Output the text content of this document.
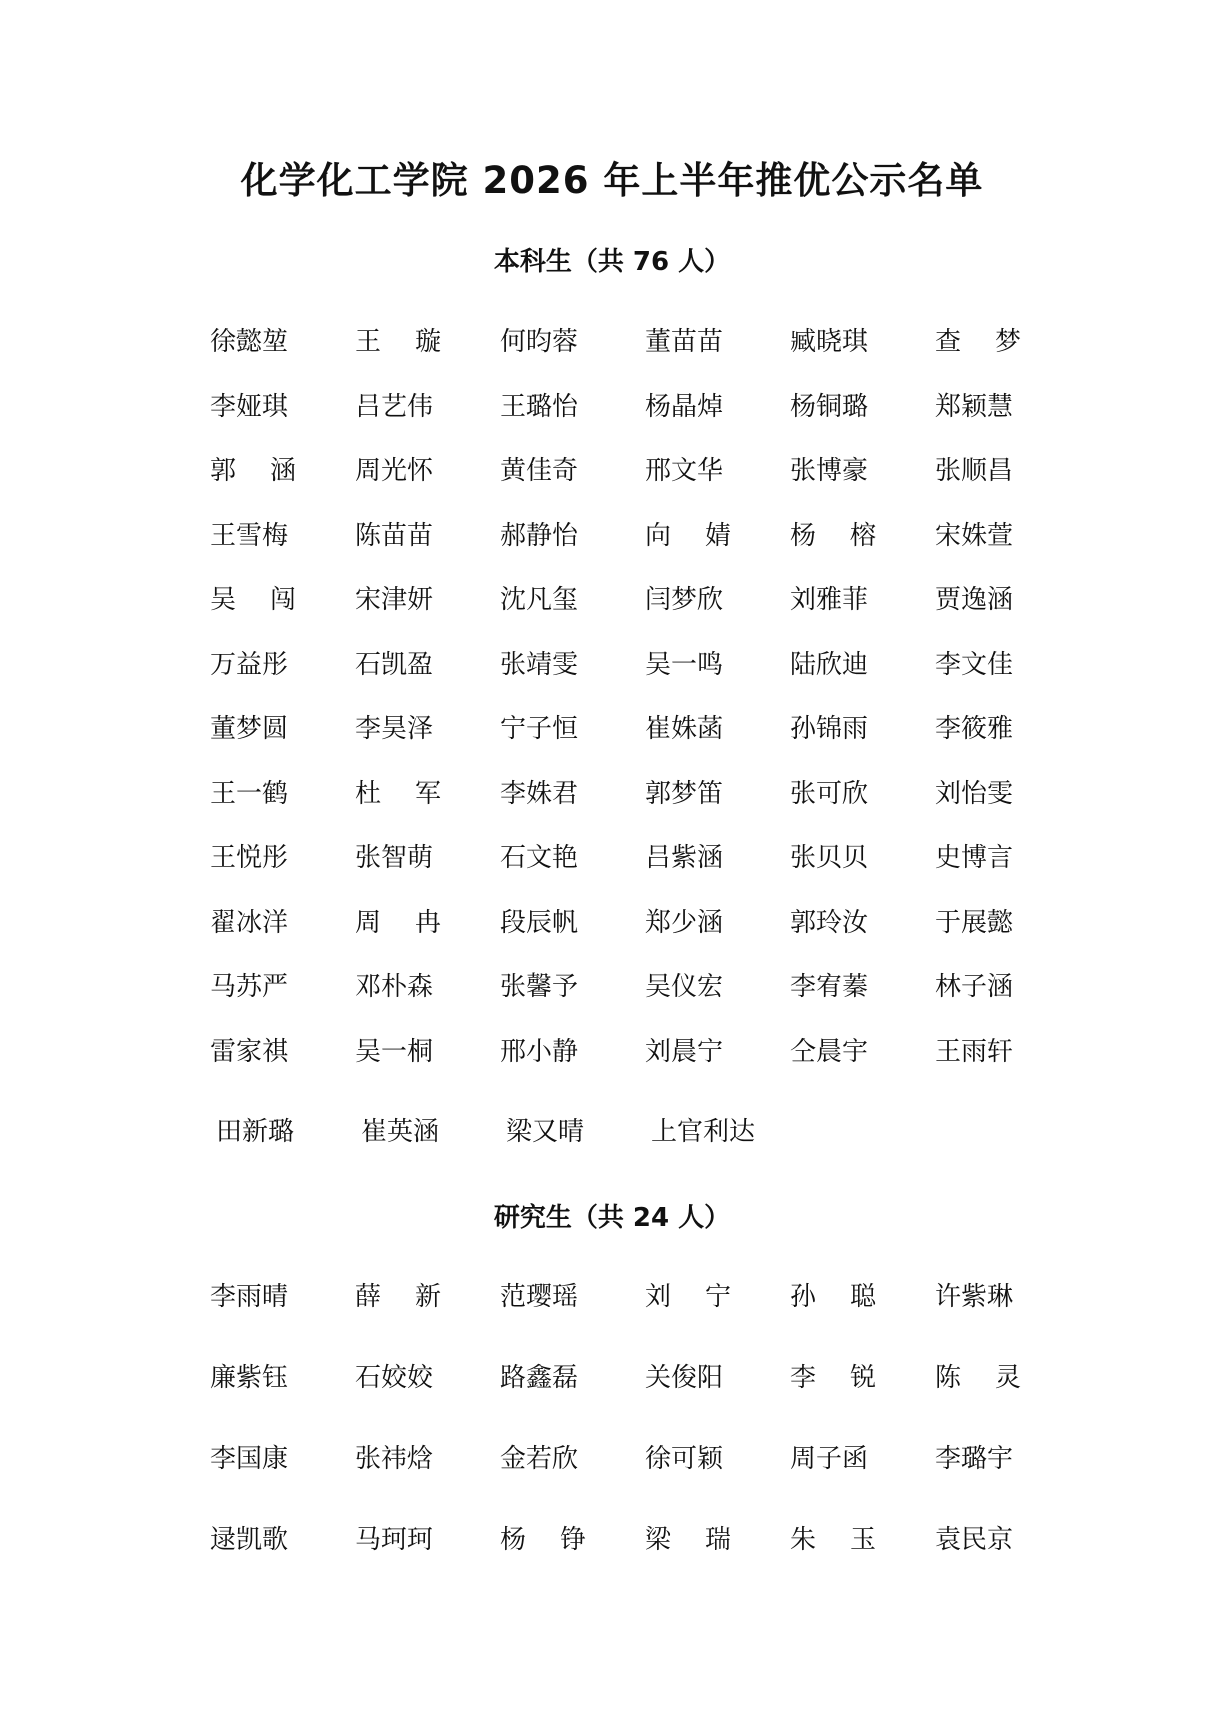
化学化工学院 2026 年上半年推优公示名单
本科生（共 76 人）
徐懿堃	王 璇	何昀蓉	董苗苗	臧晓琪	查 梦
李娅琪	吕艺伟	王璐怡	杨晶焯	杨铜璐	郑颖慧
郭 涵	周光怀	黄佳奇	邢文华	张博豪	张顺昌
王雪梅	陈苗苗	郝静怡	向 婧	杨 榕	宋姝萱
吴 闯	宋津妍	沈凡玺	闫梦欣	刘雅菲	贾逸涵
万益彤	石凯盈	张靖雯	吴一鸣	陆欣迪	李文佳
董梦圆	李昊泽	宁子恒	崔姝菡	孙锦雨	李筱雅
王一鹤	杜 军	李姝君	郭梦笛	张可欣	刘怡雯
王悦彤	张智萌	石文艳	吕紫涵	张贝贝	史博言
翟冰洋	周 冉	段辰帆	郑少涵	郭玲汝	于展懿
马苏严	邓朴森	张馨予	吴仪宏	李宥蓁	林子涵
雷家祺	吴一桐	邢小静	刘晨宁	仝晨宇	王雨轩
田新璐	崔英涵	梁又晴	上官利达
研究生（共 24 人）
李雨晴	薛 新	范璎瑶	刘 宁	孙 聪	许紫琳
廉紫钰	石姣姣	路鑫磊	关俊阳	李 锐	陈 灵
李国康	张祎焓	金若欣	徐可颖	周子函	李璐宇
逯凯歌	马珂珂	杨 铮	梁 瑞	朱 玉	袁民京
